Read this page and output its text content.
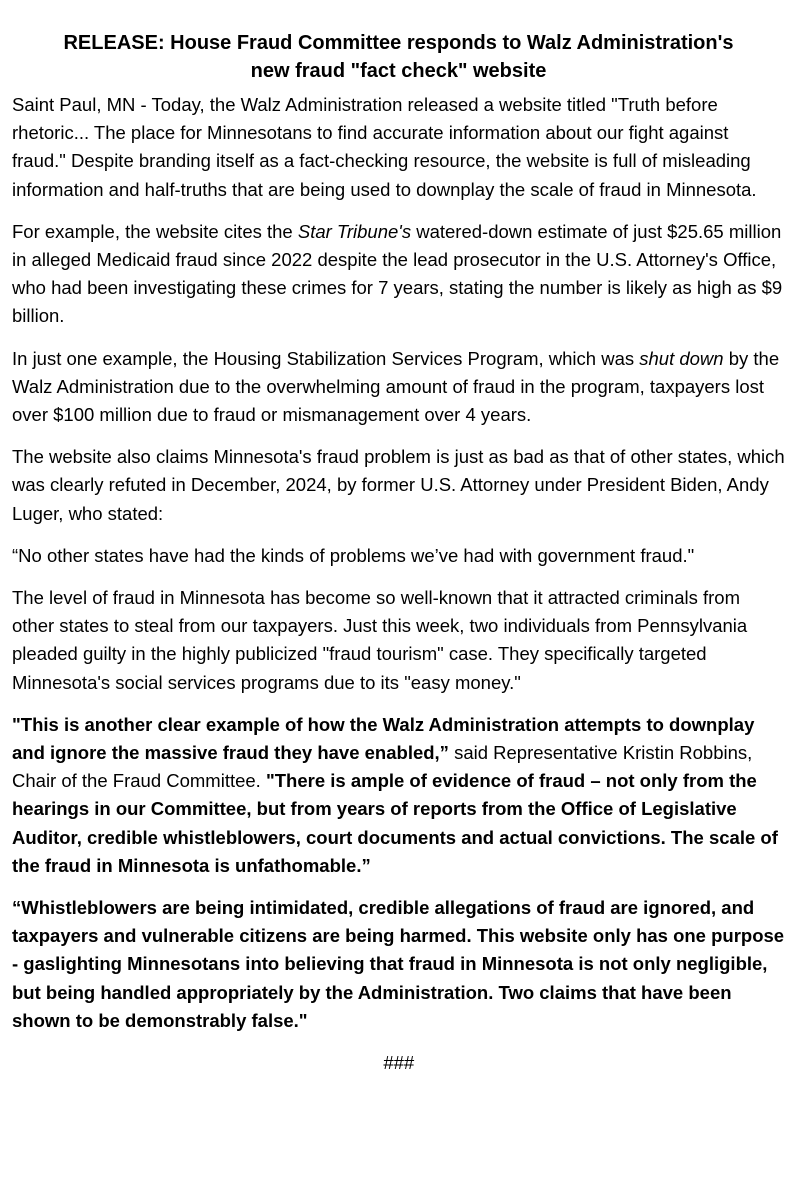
RELEASE: House Fraud Committee responds to Walz Administration's
new fraud "fact check" website

Saint Paul, MN - Today, the Walz Administration released a website titled "Truth before rhetoric... The place for Minnesotans to find accurate information about our fight against fraud." Despite branding itself as a fact-checking resource, the website is full of misleading information and half-truths that are being used to downplay the scale of fraud in Minnesota.

For example, the website cites the Star Tribune's watered-down estimate of just $25.65 million in alleged Medicaid fraud since 2022 despite the lead prosecutor in the U.S. Attorney's Office, who had been investigating these crimes for 7 years, stating the number is likely as high as $9 billion.

In just one example, the Housing Stabilization Services Program, which was shut down by the Walz Administration due to the overwhelming amount of fraud in the program, taxpayers lost over $100 million due to fraud or mismanagement over 4 years.

The website also claims Minnesota's fraud problem is just as bad as that of other states, which was clearly refuted in December, 2024, by former U.S. Attorney under President Biden, Andy Luger, who stated:

“No other states have had the kinds of problems we’ve had with government fraud."

The level of fraud in Minnesota has become so well-known that it attracted criminals from other states to steal from our taxpayers. Just this week, two individuals from Pennsylvania pleaded guilty in the highly publicized "fraud tourism" case. They specifically targeted Minnesota's social services programs due to its "easy money."

"This is another clear example of how the Walz Administration attempts to downplay and ignore the massive fraud they have enabled,” said Representative Kristin Robbins, Chair of the Fraud Committee. "There is ample of evidence of fraud – not only from the hearings in our Committee, but from years of reports from the Office of Legislative Auditor, credible whistleblowers, court documents and actual convictions. The scale of the fraud in Minnesota is unfathomable.”

“Whistleblowers are being intimidated, credible allegations of fraud are ignored, and taxpayers and vulnerable citizens are being harmed. This website only has one purpose - gaslighting Minnesotans into believing that fraud in Minnesota is not only negligible, but being handled appropriately by the Administration. Two claims that have been shown to be demonstrably false."

###
